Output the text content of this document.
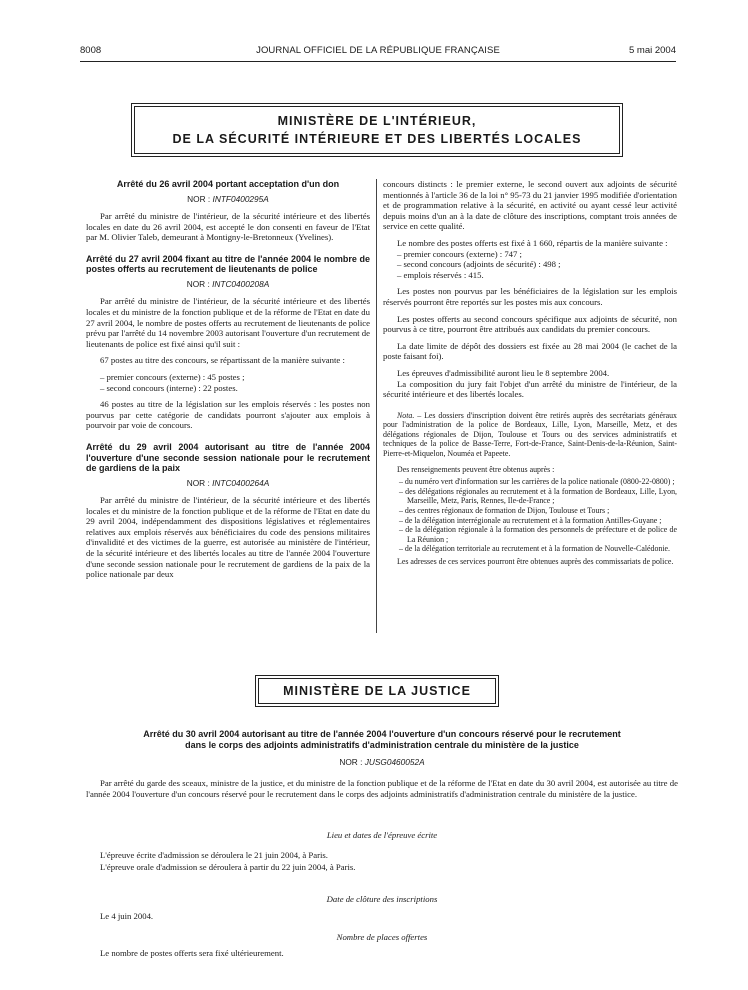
8008	JOURNAL OFFICIEL DE LA RÉPUBLIQUE FRANÇAISE	5 mai 2004
MINISTÈRE DE L'INTÉRIEUR,
DE LA SÉCURITÉ INTÉRIEURE ET DES LIBERTÉS LOCALES

Arrêté du 26 avril 2004 portant acceptation d'un don

NOR : INTF0400295A

Par arrêté du ministre de l'intérieur, de la sécurité intérieure et des libertés locales en date du 26 avril 2004, est accepté le don consenti en faveur de l'Etat par M. Olivier Taleb, demeurant à Montigny-le-Bretonneux (Yvelines).

Arrêté du 27 avril 2004 fixant au titre de l'année 2004 le nombre de postes offerts au recrutement de lieutenants de police

NOR : INTC0400208A

Par arrêté du ministre de l'intérieur, de la sécurité intérieure et des libertés locales et du ministre de la fonction publique et de la réforme de l'Etat en date du 27 avril 2004, le nombre de postes offerts au recrutement de lieutenants de police prévu par l'arrêté du 14 novembre 2003 autorisant l'ouverture d'un recrutement de lieutenants de police est fixé ainsi qu'il suit :

67 postes au titre des concours, se répartissant de la manière suivante :

– premier concours (externe) : 45 postes ;

– second concours (interne) : 22 postes.

46 postes au titre de la législation sur les emplois réservés : les postes non pourvus par cette catégorie de candidats pourront s'ajouter aux emplois à pourvoir par voie de concours.

Arrêté du 29 avril 2004 autorisant au titre de l'année 2004 l'ouverture d'une seconde session nationale pour le recrutement de gardiens de la paix

NOR : INTC0400264A

Par arrêté du ministre de l'intérieur, de la sécurité intérieure et des libertés locales et du ministre de la fonction publique et de la réforme de l'Etat en date du 29 avril 2004, indépendamment des dispositions législatives et réglementaires relatives aux emplois réservés aux bénéficiaires du code des pensions militaires d'invalidité et des victimes de la guerre, est autorisée au ministère de l'intérieur, de la sécurité intérieure et des libertés locales au titre de l'année 2004 l'ouverture d'une seconde session nationale pour le recrutement de gardiens de la paix de la police nationale par deux

concours distincts : le premier externe, le second ouvert aux adjoints de sécurité mentionnés à l'article 36 de la loi n° 95-73 du 21 janvier 1995 modifiée d'orientation et de programmation relative à la sécurité, en activité ou ayant cessé leur activité depuis moins d'un an à la date de clôture des inscriptions, comptant trois années de service en cette qualité.

Le nombre des postes offerts est fixé à 1 660, répartis de la manière suivante :

– premier concours (externe) : 747 ;

– second concours (adjoints de sécurité) : 498 ;

– emplois réservés : 415.

Les postes non pourvus par les bénéficiaires de la législation sur les emplois réservés pourront être reportés sur les postes mis aux concours.

Les postes offerts au second concours spécifique aux adjoints de sécurité, non pourvus à ce titre, pourront être attribués aux candidats du premier concours.

La date limite de dépôt des dossiers est fixée au 28 mai 2004 (le cachet de la poste faisant foi).

Les épreuves d'admissibilité auront lieu le 8 septembre 2004.

La composition du jury fait l'objet d'un arrêté du ministre de l'intérieur, de la sécurité intérieure et des libertés locales.

Nota. – Les dossiers d'inscription doivent être retirés auprès des secrétariats généraux pour l'administration de la police de Bordeaux, Lille, Lyon, Marseille, Metz, et des délégations régionales de Dijon, Toulouse et Tours ou des services administratifs et techniques de la police de Basse-Terre, Fort-de-France, Saint-Denis-de-la-Réunion, Saint-Pierre-et-Miquelon, Nouméa et Papeete.

Des renseignements peuvent être obtenus auprès :

– du numéro vert d'information sur les carrières de la police nationale (0800-22-0800) ;

– des délégations régionales au recrutement et à la formation de Bordeaux, Lille, Lyon, Marseille, Metz, Paris, Rennes, Ile-de-France ;

– des centres régionaux de formation de Dijon, Toulouse et Tours ;

– de la délégation interrégionale au recrutement et à la formation Antilles-Guyane ;

– de la délégation régionale à la formation des personnels de préfecture et de police de La Réunion ;

– de la délégation territoriale au recrutement et à la formation de Nouvelle-Calédonie.

Les adresses de ces services pourront être obtenues auprès des commissariats de police.

MINISTÈRE DE LA JUSTICE
Arrêté du 30 avril 2004 autorisant au titre de l'année 2004 l'ouverture d'un concours réservé pour le recrutement
dans le corps des adjoints administratifs d'administration centrale du ministère de la justice
NOR : JUSG0460052A

Par arrêté du garde des sceaux, ministre de la justice, et du ministre de la fonction publique et de la réforme de l'Etat en date du 30 avril 2004, est autorisée au titre de l'année 2004 l'ouverture d'un concours réservé pour le recrutement dans le corps des adjoints administratifs d'administration centrale du ministère de la justice.

Lieu et dates de l'épreuve écrite
L'épreuve écrite d'admission se déroulera le 21 juin 2004, à Paris.
L'épreuve orale d'admission se déroulera à partir du 22 juin 2004, à Paris.
Date de clôture des inscriptions
Le 4 juin 2004.
Nombre de places offertes
Le nombre de postes offerts sera fixé ultérieurement.
